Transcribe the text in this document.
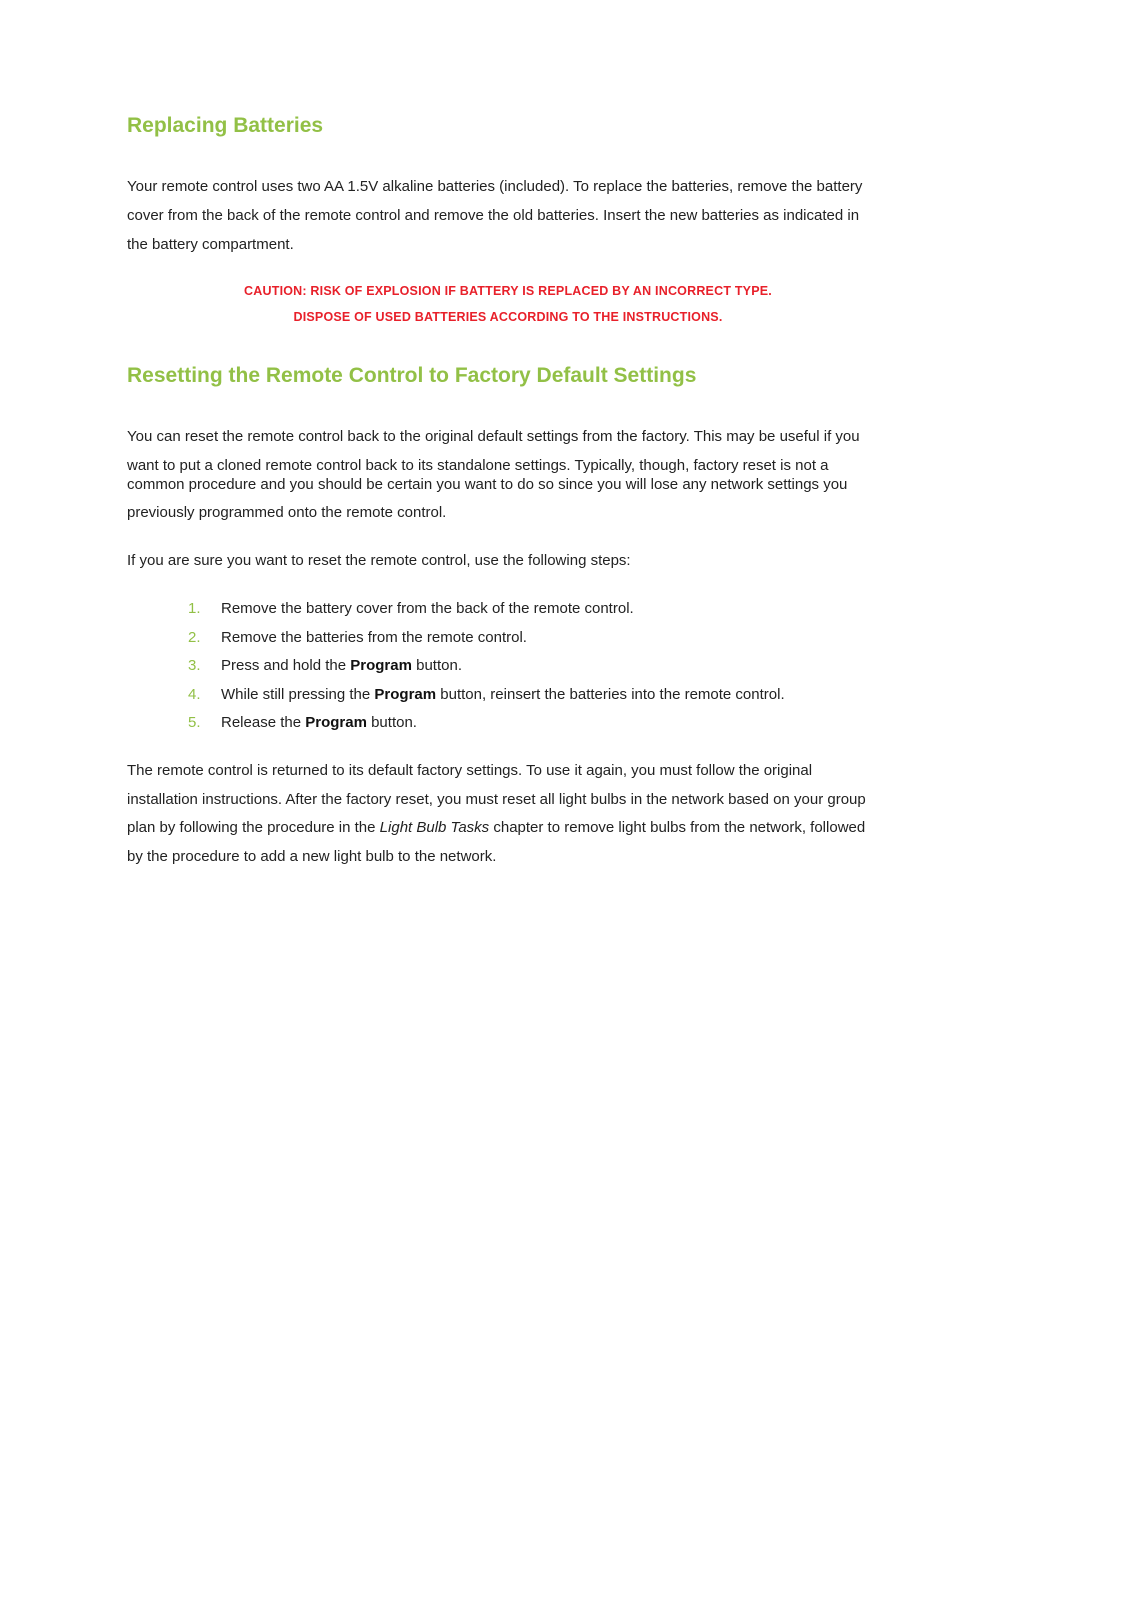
Replacing Batteries
Your remote control uses two AA 1.5V alkaline batteries (included). To replace the batteries, remove the battery
cover from the back of the remote control and remove the old batteries. Insert the new batteries as indicated in
the battery compartment.
CAUTION: RISK OF EXPLOSION IF BATTERY IS REPLACED BY AN INCORRECT TYPE.
DISPOSE OF USED BATTERIES ACCORDING TO THE INSTRUCTIONS.
Resetting the Remote Control to Factory Default Settings
You can reset the remote control back to the original default settings from the factory. This may be useful if you
want to put a cloned remote control back to its standalone settings. Typically, though, factory reset is not a
common procedure and you should be certain you want to do so since you will lose any network settings you
previously programmed onto the remote control.
If you are sure you want to reset the remote control, use the following steps:
1. Remove the battery cover from the back of the remote control.
2. Remove the batteries from the remote control.
3. Press and hold the Program button.
4. While still pressing the Program button, reinsert the batteries into the remote control.
5. Release the Program button.
The remote control is returned to its default factory settings. To use it again, you must follow the original
installation instructions. After the factory reset, you must reset all light bulbs in the network based on your group
plan by following the procedure in the Light Bulb Tasks chapter to remove light bulbs from the network, followed
by the procedure to add a new light bulb to the network.
